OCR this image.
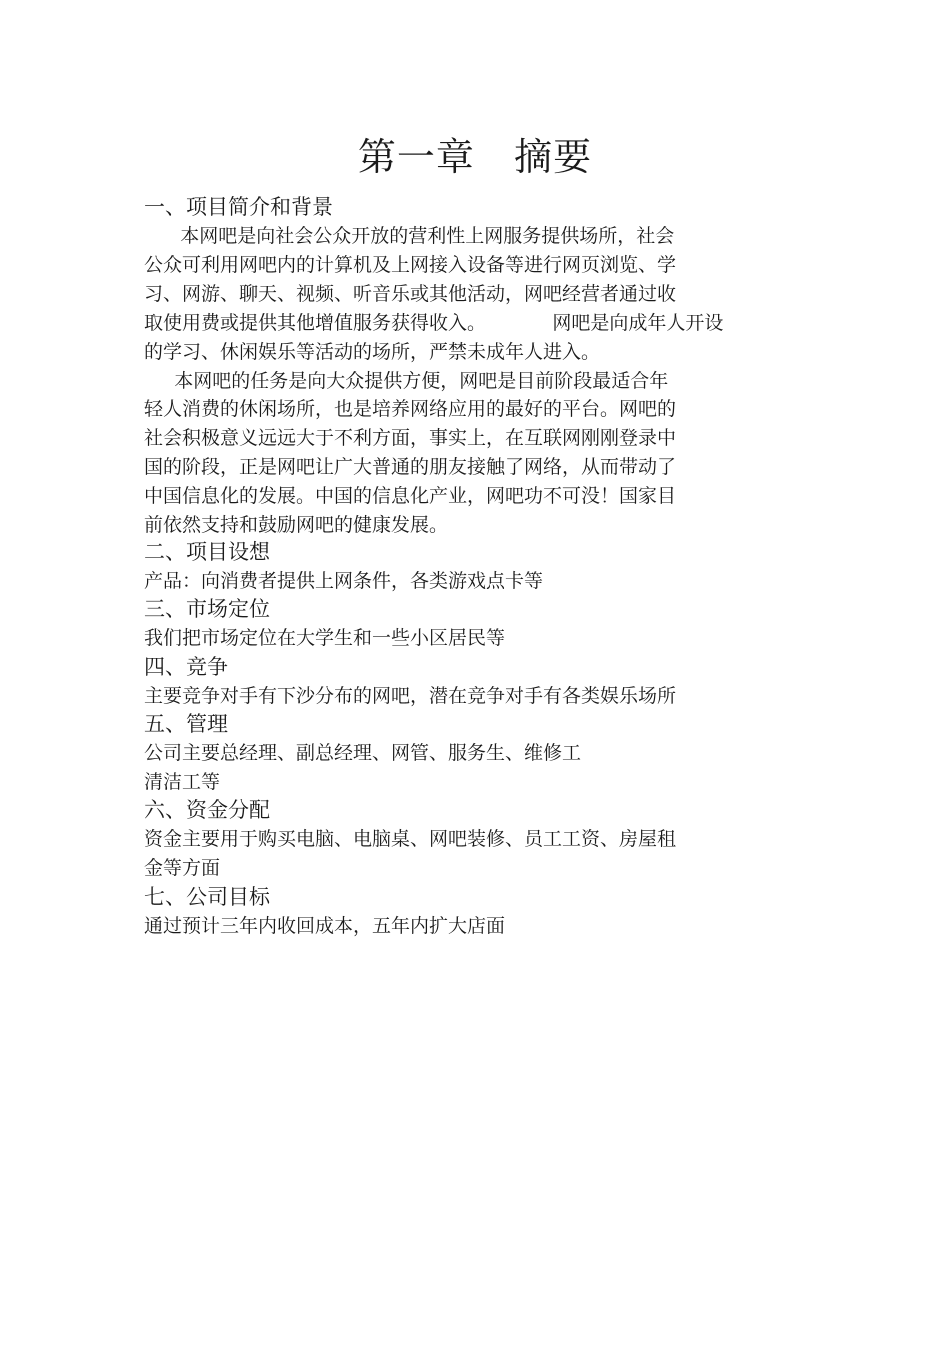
第一章   摘要
一、项目简介和背景
本网吧是向社会公众开放的营利性上网服务提供场所，社会
公众可利用网吧内的计算机及上网接入设备等进行网页浏览、学
习、网游、聊天、视频、听音乐或其他活动，网吧经营者通过收
取使用费或提供其他增值服务获得收入。           网吧是向成年人开设
的学习、休闲娱乐等活动的场所，严禁未成年人进入。
本网吧的任务是向大众提供方便，网吧是目前阶段最适合年
轻人消费的休闲场所，也是培养网络应用的最好的平台。网吧的
社会积极意义远远大于不利方面，事实上，在互联网刚刚登录中
国的阶段，正是网吧让广大普通的朋友接触了网络，从而带动了
中国信息化的发展。中国的信息化产业，网吧功不可没！国家目
前依然支持和鼓励网吧的健康发展。
二、项目设想
产品：向消费者提供上网条件，各类游戏点卡等
三、市场定位
我们把市场定位在大学生和一些小区居民等
四、竞争
主要竞争对手有下沙分布的网吧，潜在竞争对手有各类娱乐场所
五、管理
公司主要总经理、副总经理、网管、服务生、维修工
清洁工等
六、资金分配
资金主要用于购买电脑、电脑桌、网吧装修、员工工资、房屋租
金等方面
七、公司目标
通过预计三年内收回成本，五年内扩大店面
